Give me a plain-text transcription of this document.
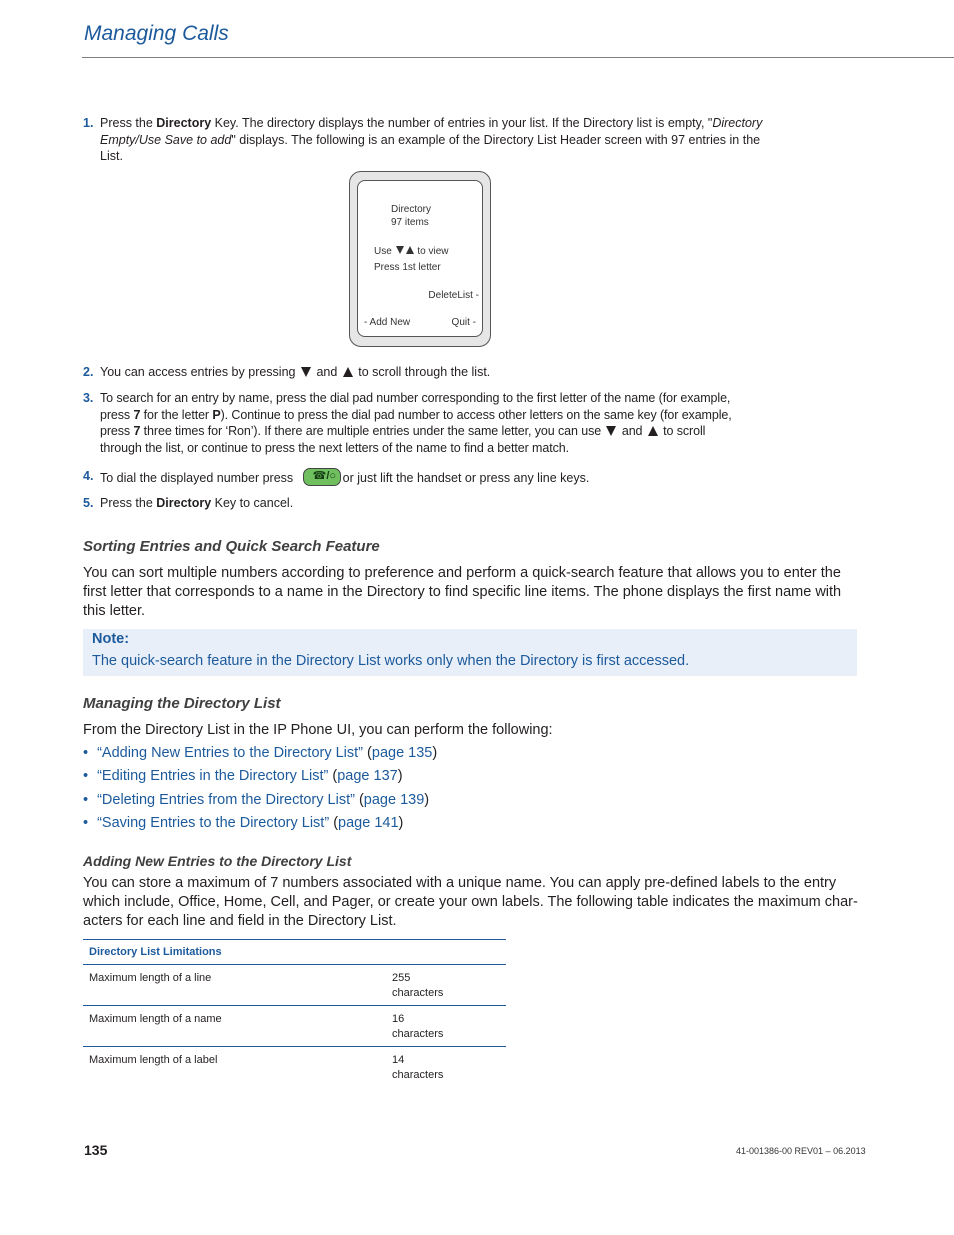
Managing Calls
1. Press the Directory Key. The directory displays the number of entries in your list. If the Directory list is empty, "Directory Empty/Use Save to add" displays. The following is an example of the Directory List Header screen with 97 entries in the List.
Directory
97 items
Use	to view
Press 1st letter
DeleteList -
- Add New	Quit -
2. You can access entries by pressing  and  to scroll through the list.
3. To search for an entry by name, press the dial pad number corresponding to the first letter of the name (for example, press 7 for the letter P). Continue to press the dial pad number to access other letters on the same key (for example, press 7 three times for ‘Ron’). If there are multiple entries under the same letter, you can use  and  to scroll through the list, or continue to press the next letters of the name to find a better match.
4. To dial the displayed number press ☎/○ or just lift the handset or press any line keys.
5. Press the Directory Key to cancel.
Sorting Entries and Quick Search Feature
You can sort multiple numbers according to preference and perform a quick-search feature that allows you to enter the first letter that corresponds to a name in the Directory to find specific line items. The phone displays the first name with this letter.
Note:
The quick-search feature in the Directory List works only when the Directory is first accessed.
Managing the Directory List
From the Directory List in the IP Phone UI, you can perform the following:
• “Adding New Entries to the Directory List” (page 135)
• “Editing Entries in the Directory List” (page 137)
• “Deleting Entries from the Directory List” (page 139)
• “Saving Entries to the Directory List” (page 141)
Adding New Entries to the Directory List
You can store a maximum of 7 numbers associated with a unique name. You can apply pre-defined labels to the entry which include, Office, Home, Cell, and Pager, or create your own labels. The following table indicates the maximum char-acters for each line and field in the Directory List.
Directory List Limitations	
Maximum length of a line	255
characters
Maximum length of a name	16
characters
Maximum length of a label	14
characters
135	41-001386-00 REV01 – 06.2013
